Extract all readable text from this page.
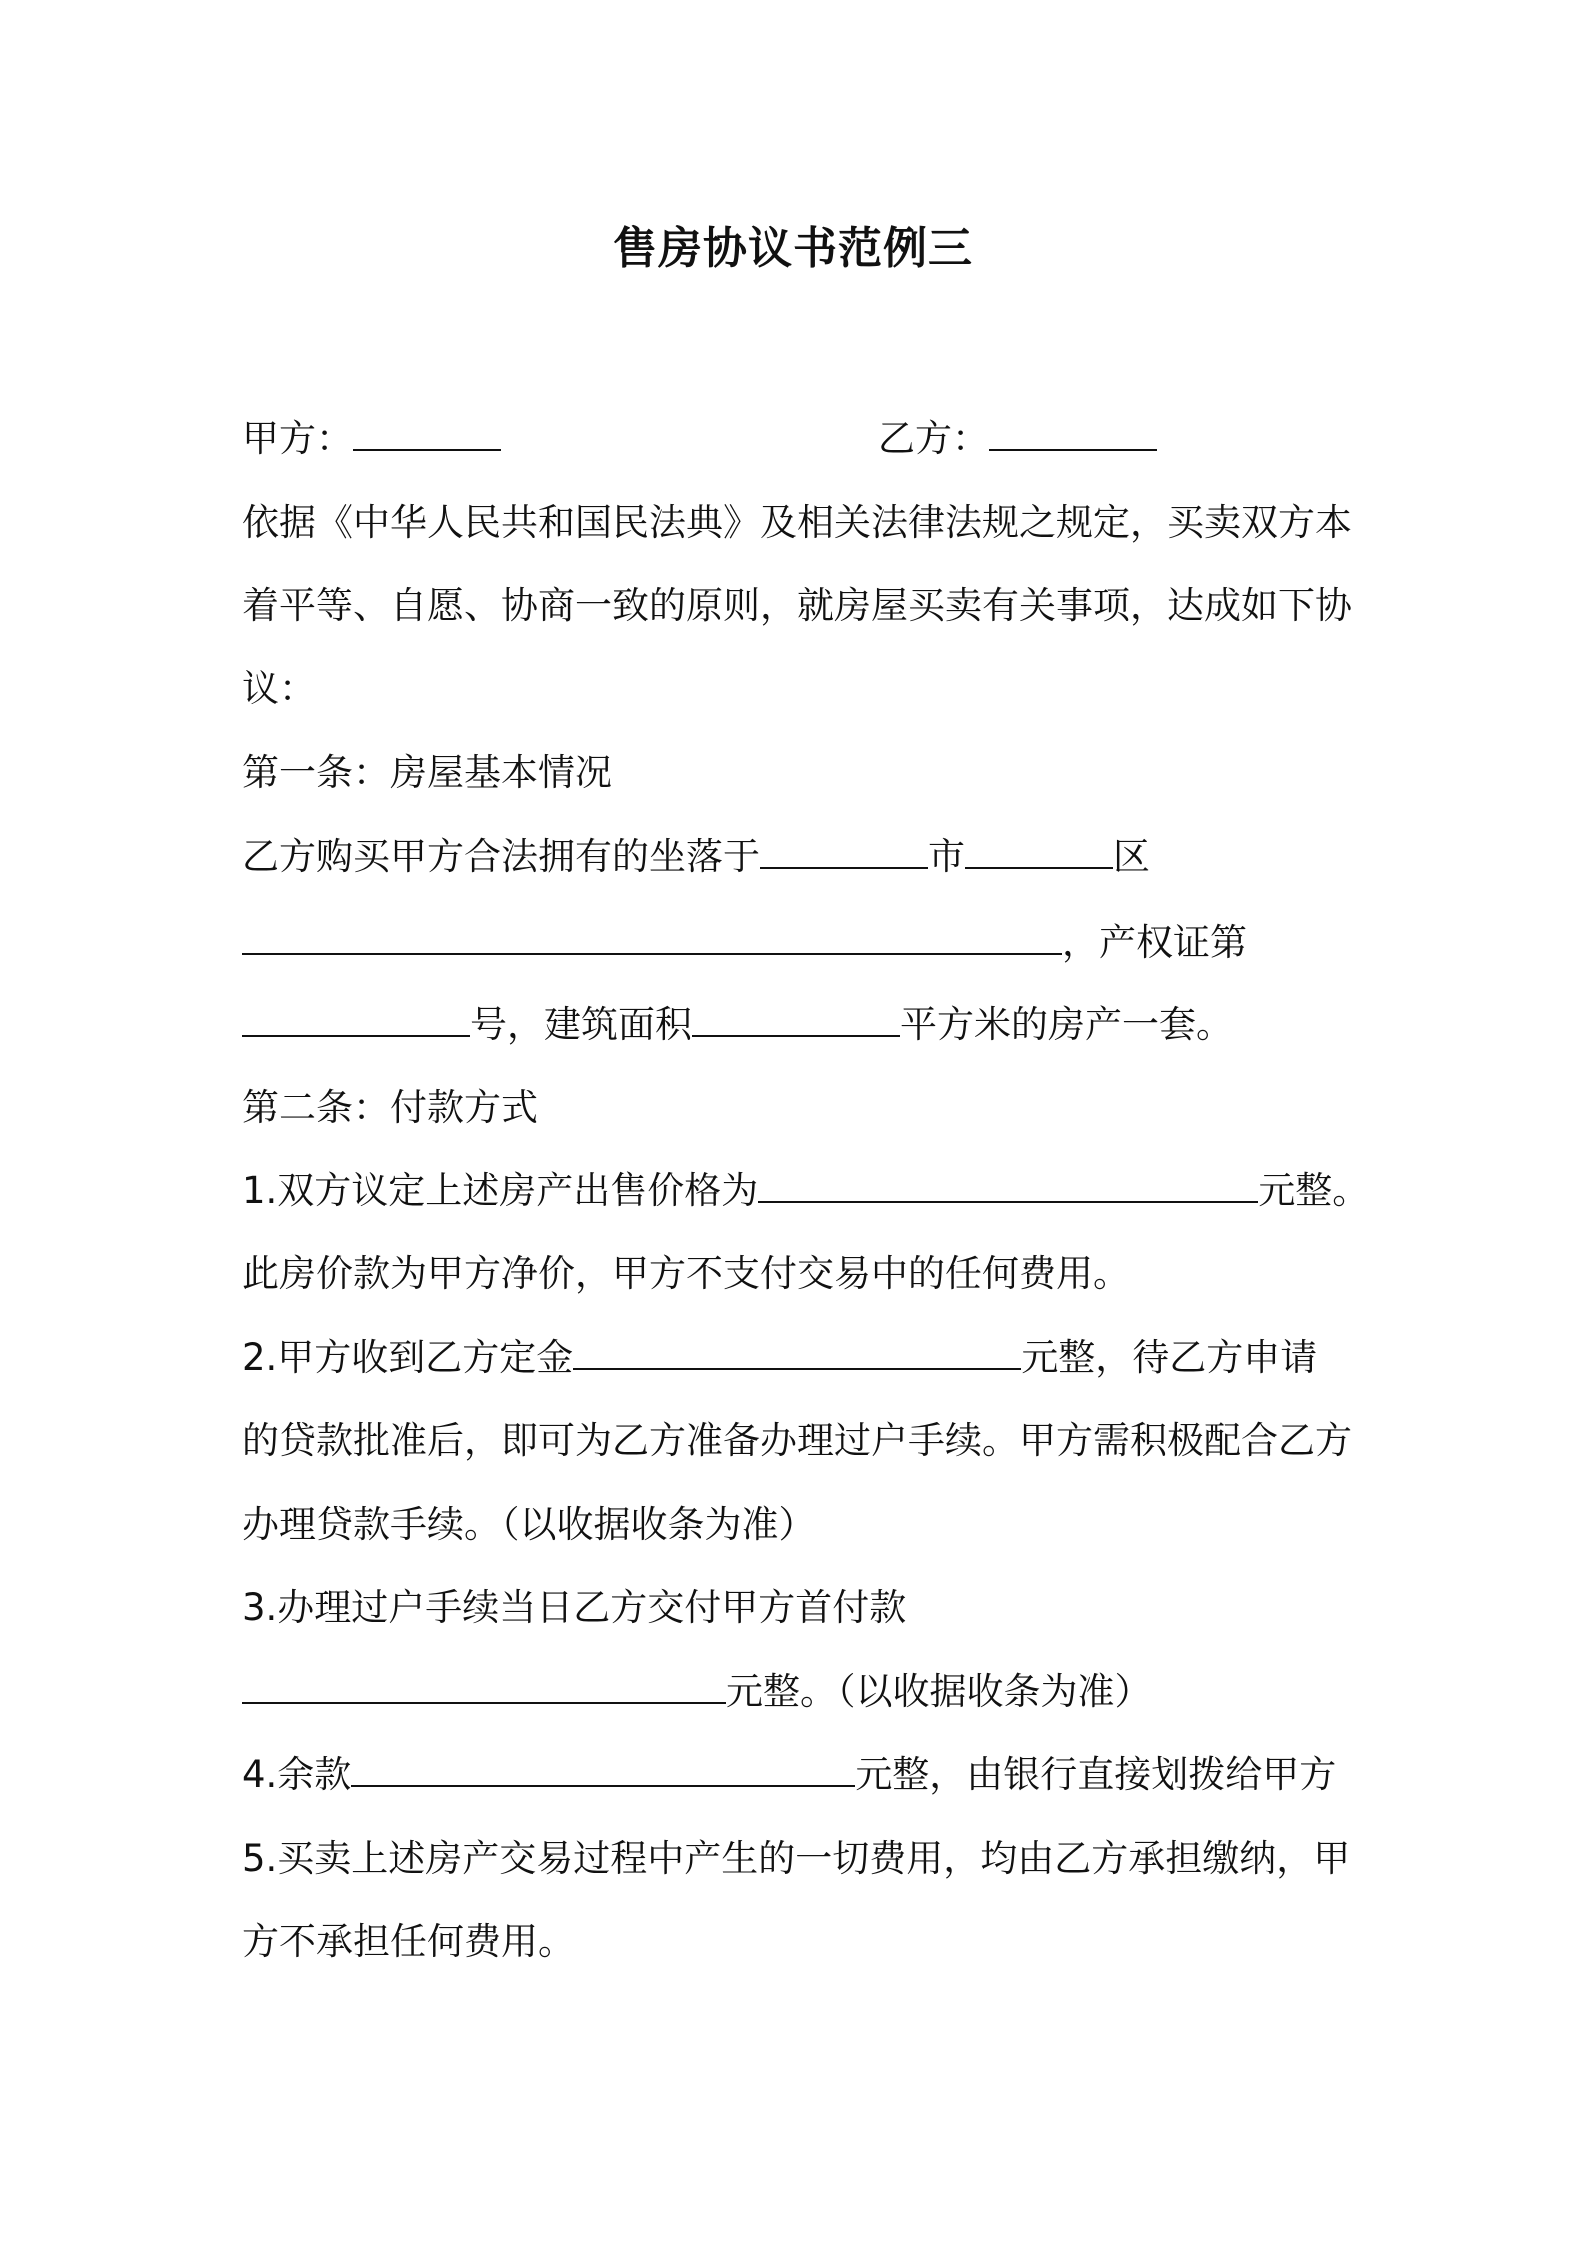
售房协议书范例三
甲方：	乙方：
依据《中华人民共和国民法典》及相关法律法规之规定，买卖双方本
着平等、自愿、协商一致的原则，就房屋买卖有关事项，达成如下协
议：
第一条：房屋基本情况
乙方购买甲方合法拥有的坐落于	市	区
，产权证第
号，建筑面积	平方米的房产一套。
第二条：付款方式
1.双方议定上述房产出售价格为	元整。
此房价款为甲方净价，甲方不支付交易中的任何费用。
2.甲方收到乙方定金	元整，待乙方申请
的贷款批准后，即可为乙方准备办理过户手续。甲方需积极配合乙方
办理贷款手续。（以收据收条为准）
3.办理过户手续当日乙方交付甲方首付款
元整。（以收据收条为准）
4.余款	元整，由银行直接划拨给甲方
5.买卖上述房产交易过程中产生的一切费用，均由乙方承担缴纳，甲
方不承担任何费用。
